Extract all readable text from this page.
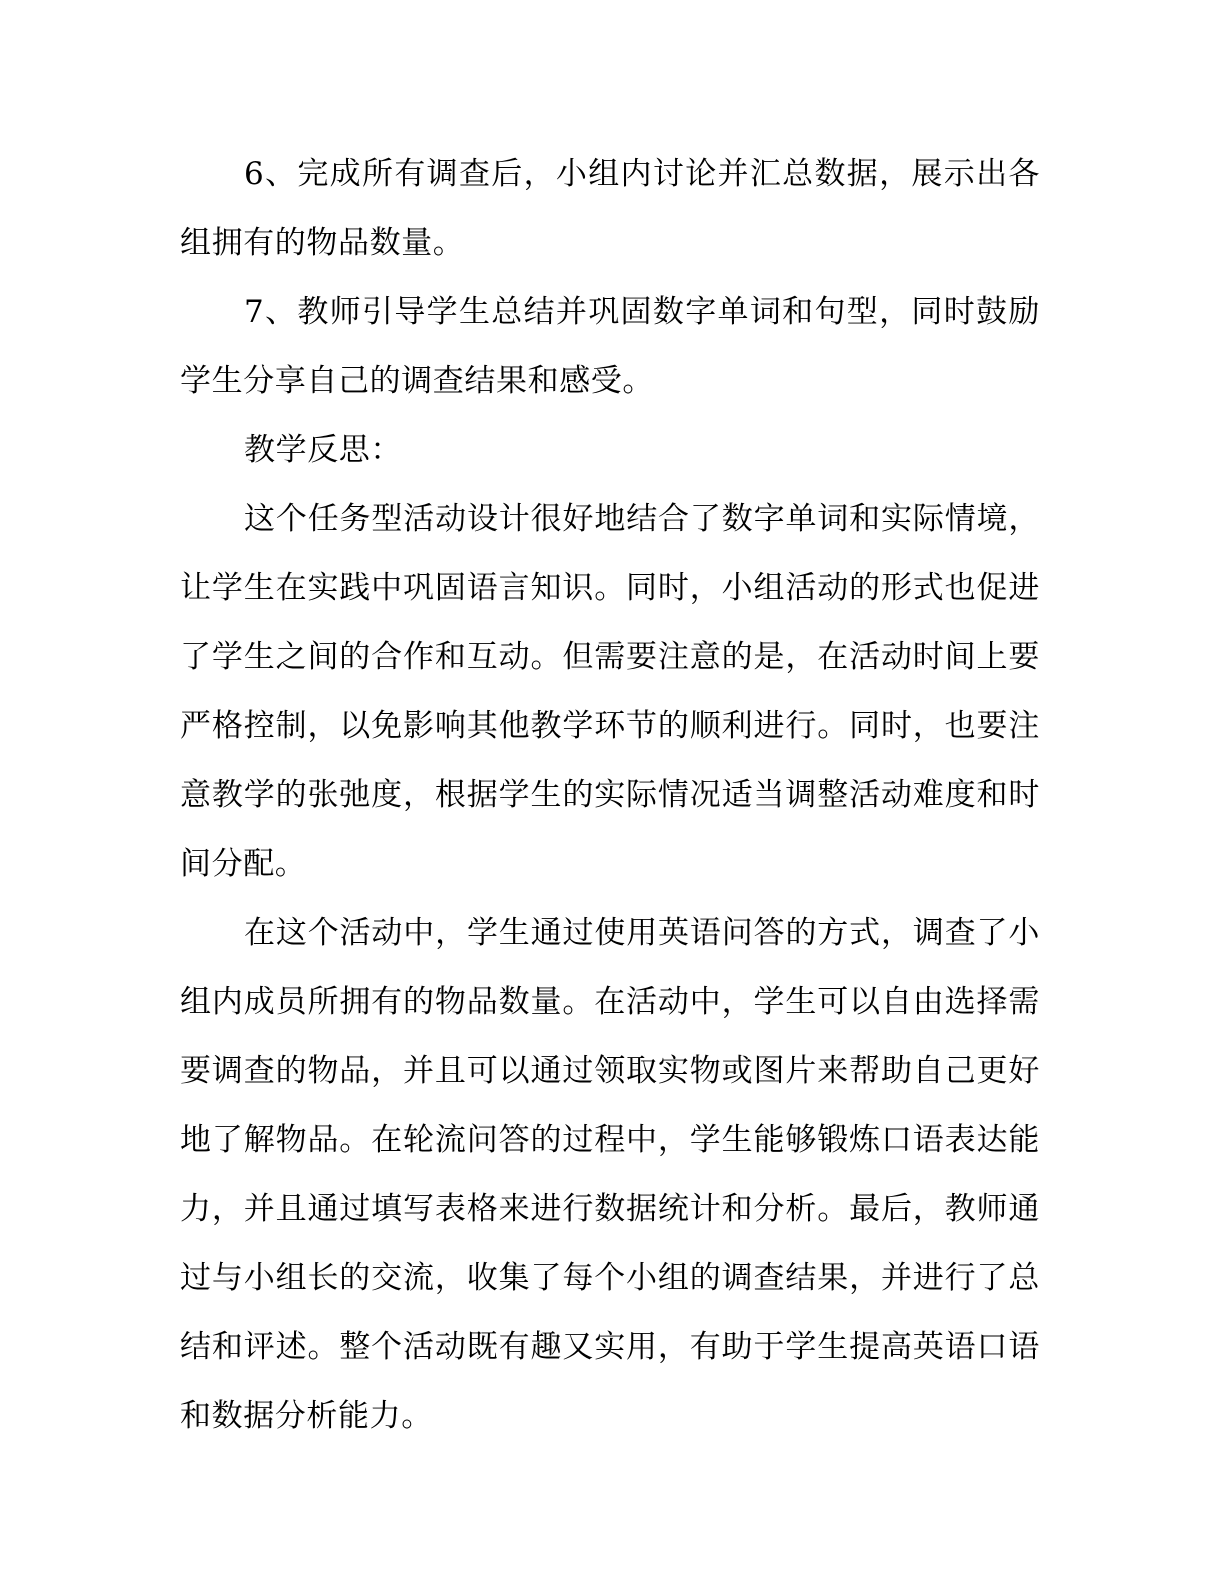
6、完成所有调查后，小组内讨论并汇总数据，展示出各组拥有的物品数量。

7、教师引导学生总结并巩固数字单词和句型，同时鼓励学生分享自己的调查结果和感受。

教学反思：

这个任务型活动设计很好地结合了数字单词和实际情境，让学生在实践中巩固语言知识。同时，小组活动的形式也促进了学生之间的合作和互动。但需要注意的是，在活动时间上要严格控制，以免影响其他教学环节的顺利进行。同时，也要注意教学的张弛度，根据学生的实际情况适当调整活动难度和时间分配。

在这个活动中，学生通过使用英语问答的方式，调查了小组内成员所拥有的物品数量。在活动中，学生可以自由选择需要调查的物品，并且可以通过领取实物或图片来帮助自己更好地了解物品。在轮流问答的过程中，学生能够锻炼口语表达能力，并且通过填写表格来进行数据统计和分析。最后，教师通过与小组长的交流，收集了每个小组的调查结果，并进行了总结和评述。整个活动既有趣又实用，有助于学生提高英语口语和数据分析能力。
